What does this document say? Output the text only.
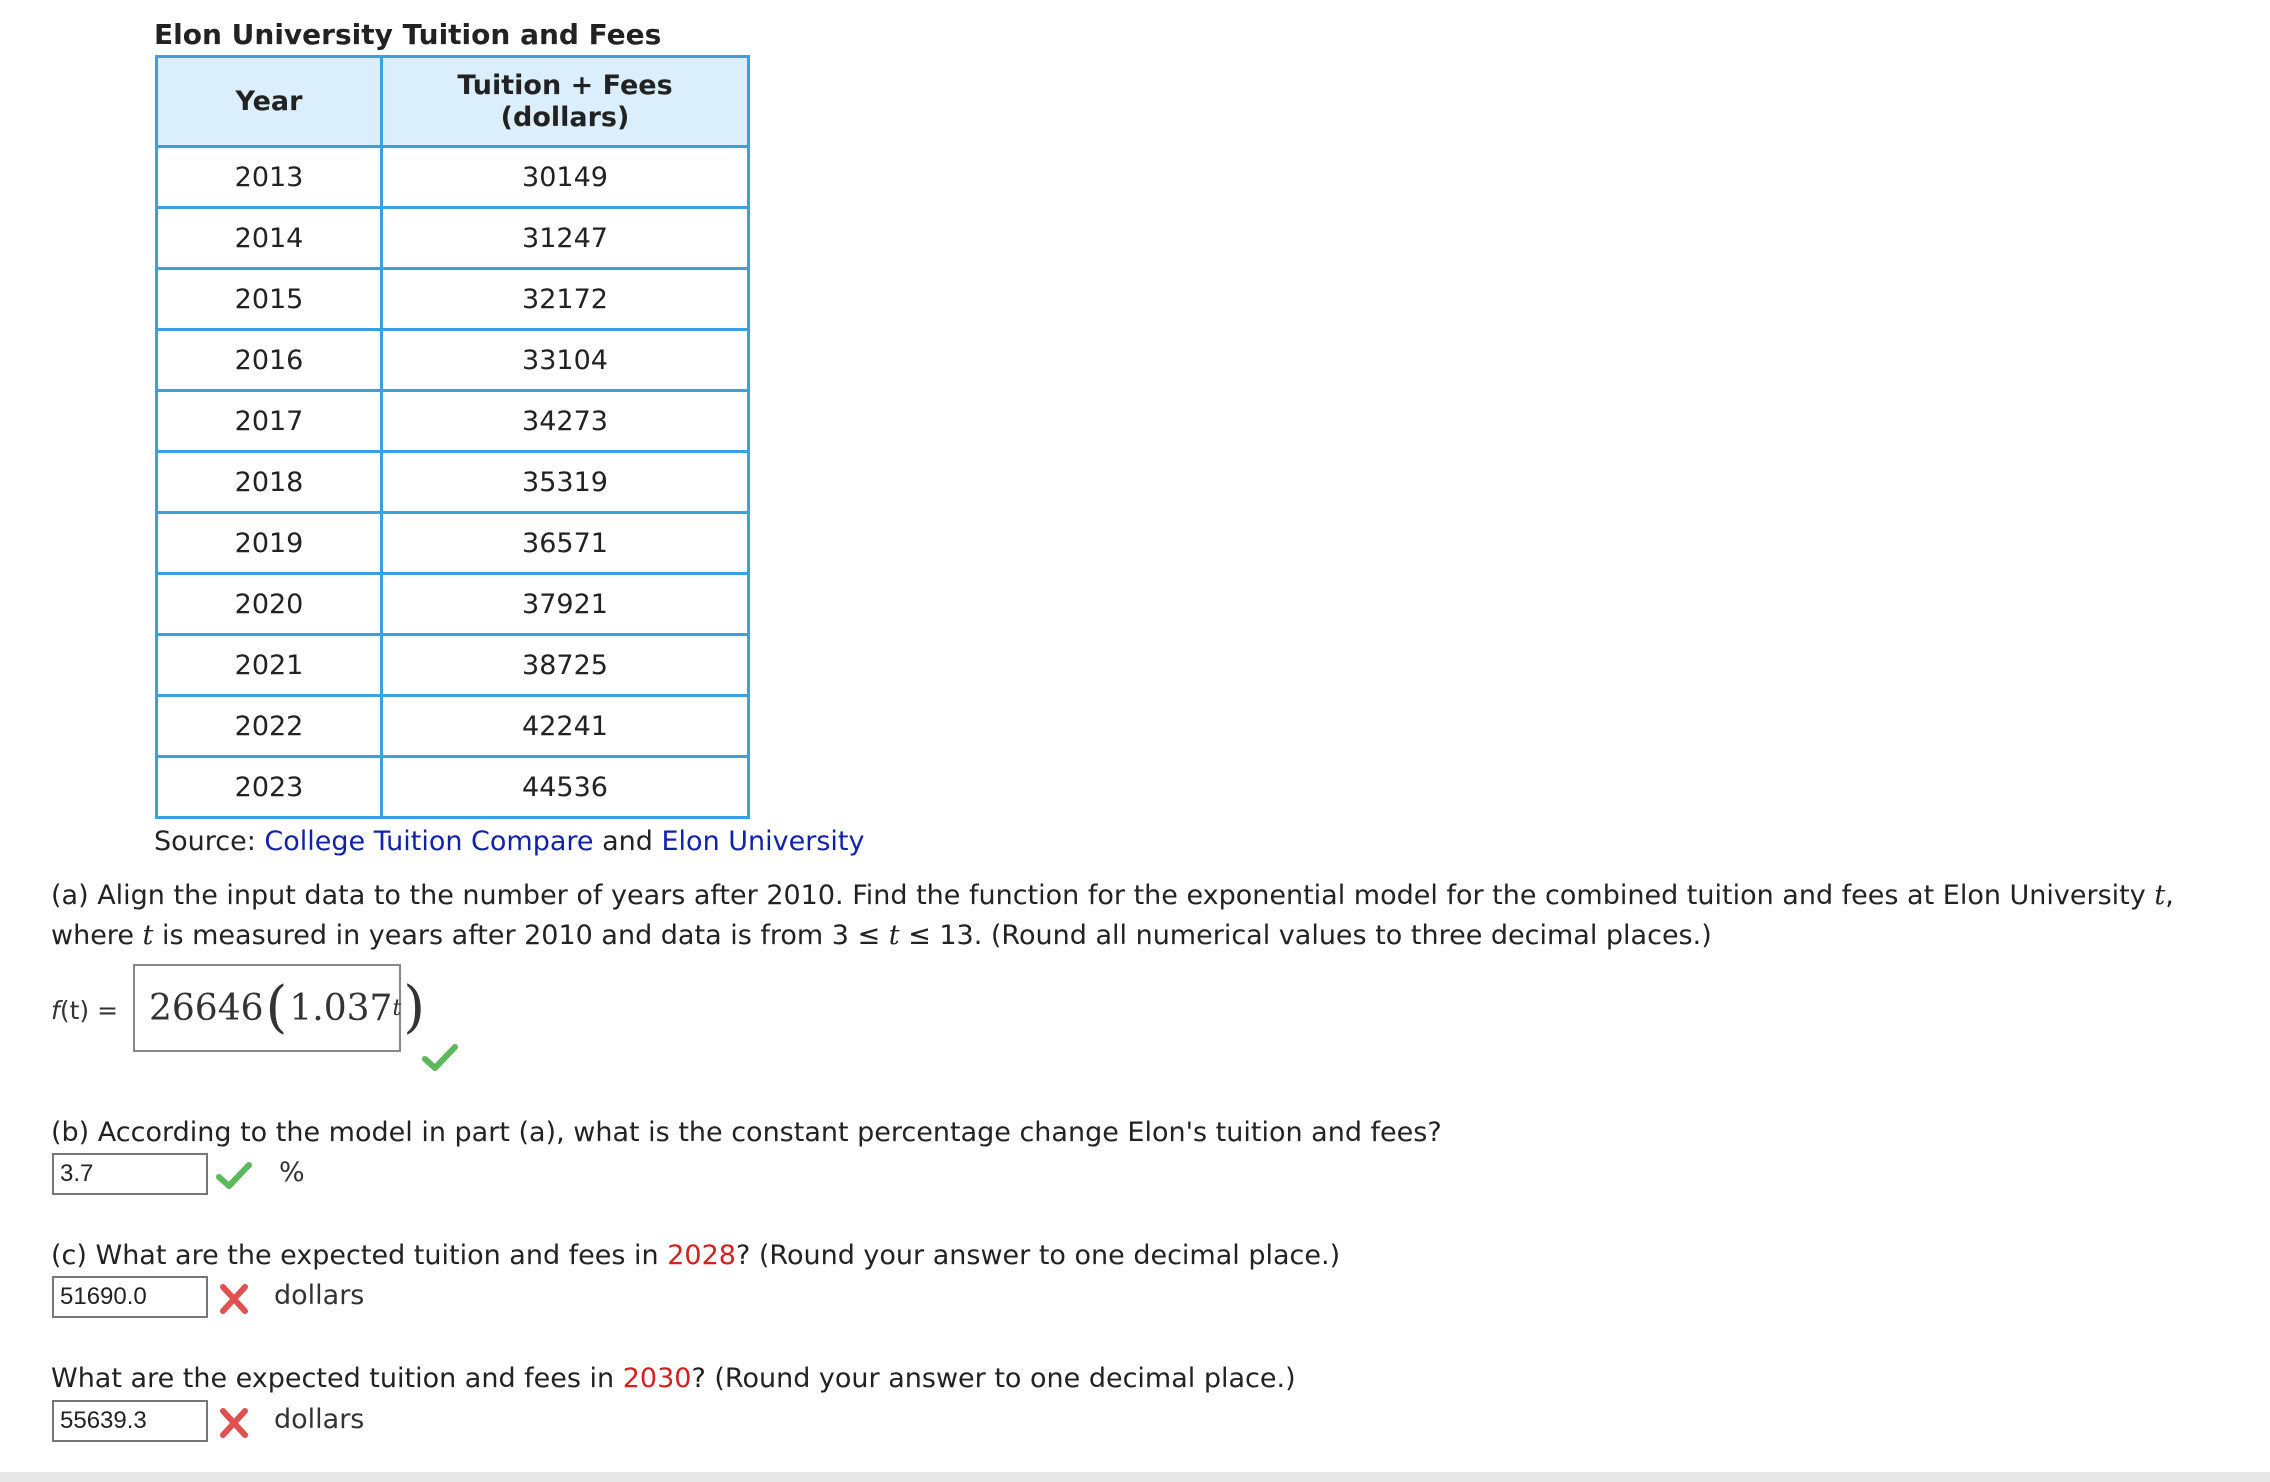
Elon University Tuition and Fees
Year	Tuition + Fees
(dollars)
2013	30149
2014	31247
2015	32172
2016	33104
2017	34273
2018	35319
2019	36571
2020	37921
2021	38725
2022	42241
2023	44536
Source: College Tuition Compare and Elon University
(a) Align the input data to the number of years after 2010. Find the function for the exponential model for the combined tuition and fees at Elon University t, where t is measured in years after 2010 and data is from 3 ≤ t ≤ 13. (Round all numerical values to three decimal places.)
f(t) = 26646 ( 1.037 t )
(b) According to the model in part (a), what is the constant percentage change Elon's tuition and fees?
3.7
%
(c) What are the expected tuition and fees in 2028? (Round your answer to one decimal place.)
51690.0
dollars
What are the expected tuition and fees in 2030? (Round your answer to one decimal place.)
55639.3
dollars
